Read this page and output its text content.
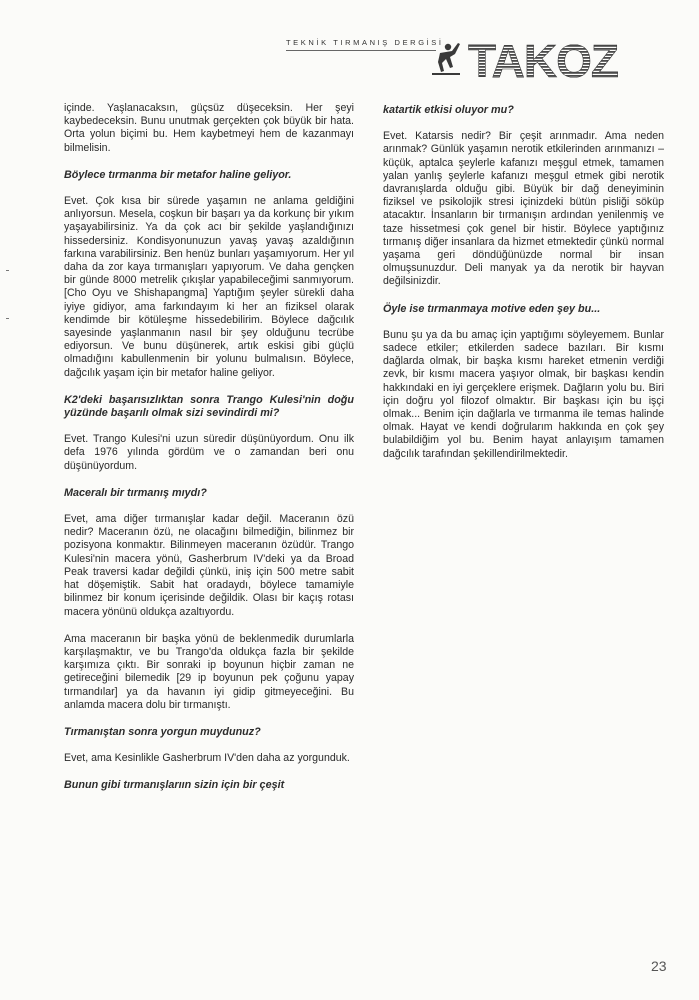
TEKNİK TIRMANIŞ DERGİSİ TAKOZ

içinde. Yaşlanacaksın, güçsüz düşeceksin. Her şeyi kaybedeceksin. Bunu unutmak gerçekten çok büyük bir hata. Orta yolun biçimi bu. Hem kaybetmeyi hem de kazanmayı bilmelisin.

Böylece tırmanma bir metafor haline geliyor.

Evet. Çok kısa bir sürede yaşamın ne anlama geldiğini anlıyorsun. Mesela, coşkun bir başarı ya da korkunç bir yıkım yaşayabilirsiniz. Ya da çok acı bir şekilde yaşlandığınızı hissedersiniz. Kondisyonunuzun yavaş yavaş azaldığının farkına varabilirsiniz. Ben henüz bunları yaşamıyorum. Her yıl daha da zor kaya tırmanışları yapıyorum. Ve daha gençken bir günde 8000 metrelik çıkışlar yapabileceğimi sanmıyorum. [Cho Oyu ve Shishapangma] Yaptığım şeyler sürekli daha iyiye gidiyor, ama farkındayım ki her an fiziksel olarak kendimde bir kötüleşme hissedebilirim. Böylece dağcılık sayesinde yaşlanmanın nasıl bir şey olduğunu tecrübe ediyorsun. Ve bunu düşünerek, artık eskisi gibi güçlü olmadığını kabullenmenin bir yolunu bulmalısın. Böylece, dağcılık yaşam için bir metafor haline geliyor.

K2'deki başarısızlıktan sonra Trango Kulesi'nin doğu yüzünde başarılı olmak sizi sevindirdi mi?

Evet. Trango Kulesi'ni uzun süredir düşünüyordum. Onu ilk defa 1976 yılında gördüm ve o zamandan beri onu düşünüyordum.

Maceralı bir tırmanış mıydı?

Evet, ama diğer tırmanışlar kadar değil. Maceranın özü nedir? Maceranın özü, ne olacağını bilmediğin, bilinmez bir pozisyona konmaktır. Bilinmeyen maceranın özüdür. Trango Kulesi'nin macera yönü, Gasherbrum IV'deki ya da Broad Peak traversi kadar değildi çünkü, iniş için 500 metre sabit hat döşemiştik. Sabit hat oradaydı, böylece tamamiyle bilinmez bir konum içerisinde değildik. Olası bir kaçış rotası macera yönünü oldukça azaltıyordu.

Ama maceranın bir başka yönü de beklenmedik durumlarla karşılaşmaktır, ve bu Trango'da oldukça fazla bir şekilde karşımıza çıktı. Bir sonraki ip boyunun hiçbir zaman ne getireceğini bilemedik [29 ip boyunun pek çoğunu yapay tırmandılar] ya da havanın iyi gidip gitmeyeceğini. Bu anlamda macera dolu bir tırmanıştı.

Tırmanıştan sonra yorgun muydunuz?

Evet, ama Kesinlikle Gasherbrum IV'den daha az yorgunduk.

Bunun gibi tırmanışlarıın sizin için bir çeşit

katartik etkisi oluyor mu?

Evet. Katarsis nedir? Bir çeşit arınmadır. Ama neden arınmak? Günlük yaşamın nerotik etkilerinden arınmanızı – küçük, aptalca şeylerle kafanızı meşgul etmek, tamamen yalan yanlış şeylerle kafanızı meşgul etmek gibi nerotik davranışlarda olduğu gibi. Büyük bir dağ deneyiminin fiziksel ve psikolojik stresi içinizdeki bütün pisliği söküp atacaktır. İnsanların bir tırmanışın ardından yenilenmiş ve taze hissetmesi çok genel bir histir. Böylece yaptığınız tırmanış diğer insanlara da hizmet etmektedir çünkü normal yaşama geri döndüğünüzde normal bir insan olmuşsunuzdur. Deli manyak ya da nerotik bir hayvan değilsinizdir.

Öyle ise tırmanmaya motive eden şey bu...

Bunu şu ya da bu amaç için yaptığımı söyleyemem. Bunlar sadece etkiler; etkilerden sadece bazıları. Bir kısmı dağlarda olmak, bir başka kısmı hareket etmenin verdiği zevk, bir kısmı macera yaşıyor olmak, bir başkası kendin hakkındaki en iyi gerçeklere erişmek. Dağların yolu bu. Biri için doğru yol filozof olmaktır. Bir başkası için bu işçi olmak... Benim için dağlarla ve tırmanma ile temas halinde olmak. Hayat ve kendi doğrularım hakkında en çok şey bulabildiğim yol bu. Benim hayat anlayışım tamamen dağcılık tarafından şekillendirilmektedir.

23
